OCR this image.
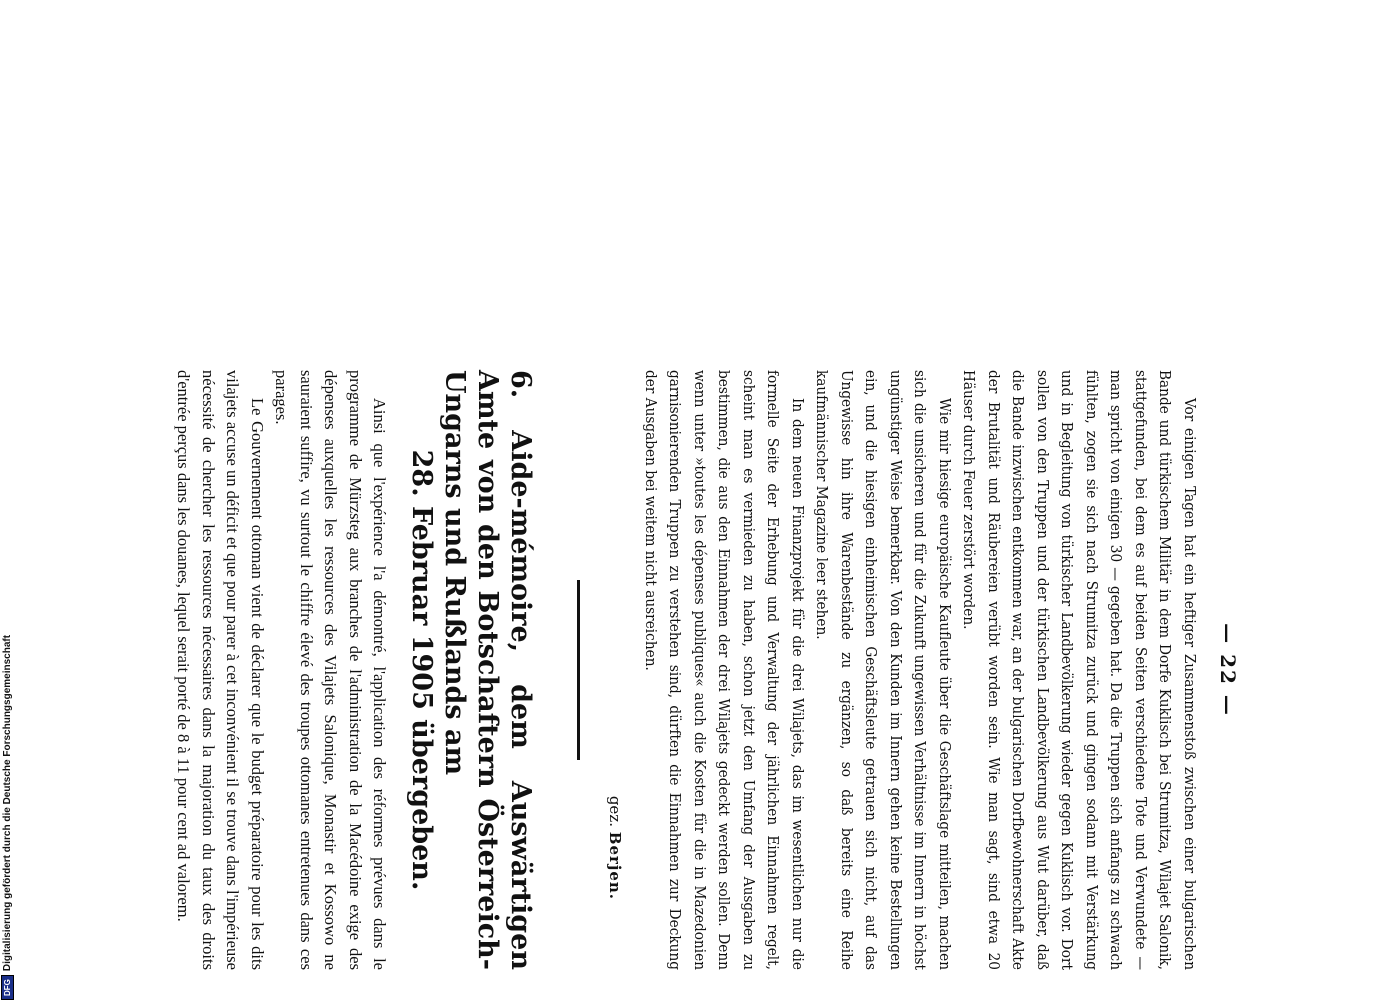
DFG
Digitalisierung gefördert durch die Deutsche Forschungsgemeinschaft	— 22 —

Vor einigen Tagen hat ein heftiger Zusammenstoß zwischen einer bulgarischen Bande und türkischem Militär in dem Dorfe Kuklisch bei Strumitza, Wilajet Salonik, stattgefunden, bei dem es auf beiden Seiten verschiedene Tote und Verwundete — man spricht von einigen 30 — gegeben hat. Da die Truppen sich anfangs zu schwach fühlten, zogen sie sich nach Strumitza zurück und gingen sodann mit Verstärkung und in Begleitung von türkischer Landbevölkerung wieder gegen Kuklisch vor. Dort sollen von den Truppen und der türkischen Landbevölkerung aus Wut darüber, daß die Bande inzwischen entkommen war, an der bulgarischen Dorfbewohnerschaft Akte der Brutalität und Räubereien verübt worden sein. Wie man sagt, sind etwa 20 Häuser durch Feuer zerstört worden.

Wie mir hiesige europäische Kaufleute über die Geschäftslage mitteilen, machen sich die unsicheren und für die Zukunft ungewissen Verhältnisse im Innern in höchst ungünstiger Weise bemerkbar. Von den Kunden im Innern gehen keine Bestellungen ein, und die hiesigen einheimischen Geschäftsleute getrauen sich nicht, auf das Ungewisse hin ihre Warenbestände zu ergänzen, so daß bereits eine Reihe kaufmännischer Magazine leer stehen.

In dem neuen Finanzprojekt für die drei Wilajets, das im wesentlichen nur die formelle Seite der Erhebung und Verwaltung der jährlichen Einnahmen regelt, scheint man es vermieden zu haben, schon jetzt den Umfang der Ausgaben zu bestimmen, die aus den Einnahmen der drei Wilajets gedeckt werden sollen. Denn wenn unter »toutes les dépenses publiques« auch die Kosten für die in Mazedonien garnisonierenden Truppen zu verstehen sind, dürften die Einnahmen zur Deckung der Ausgaben bei weitem nicht ausreichen.

gez. Berjen.
6. Aide-mémoire, dem Auswärtigen Amte von den Botschaftern Österreich-Ungarns und Rußlands am
28. Februar 1905 übergeben.

Ainsi que l'expérience l'a démontré, l'application des réformes prévues dans le programme de Mürzsteg aux branches de l'administration de la Macédoine exige des dépenses auxquelles les ressources des Vilajets Salonique, Monastir et Kossowo ne sauraient suffire, vu surtout le chiffre élevé des troupes ottomanes entretenues dans ces parages.

Le Gouvernement ottoman vient de déclarer que le budget préparatoire pour les dits vilajets accuse un déficit et que pour parer à cet inconvénient il se trouve dans l'impérieuse nécessité de chercher les ressources nécessaires dans la majoration du taux des droits d'entrée perçus dans les douanes, lequel serait porté de 8 à 11 pour cent ad valorem.
